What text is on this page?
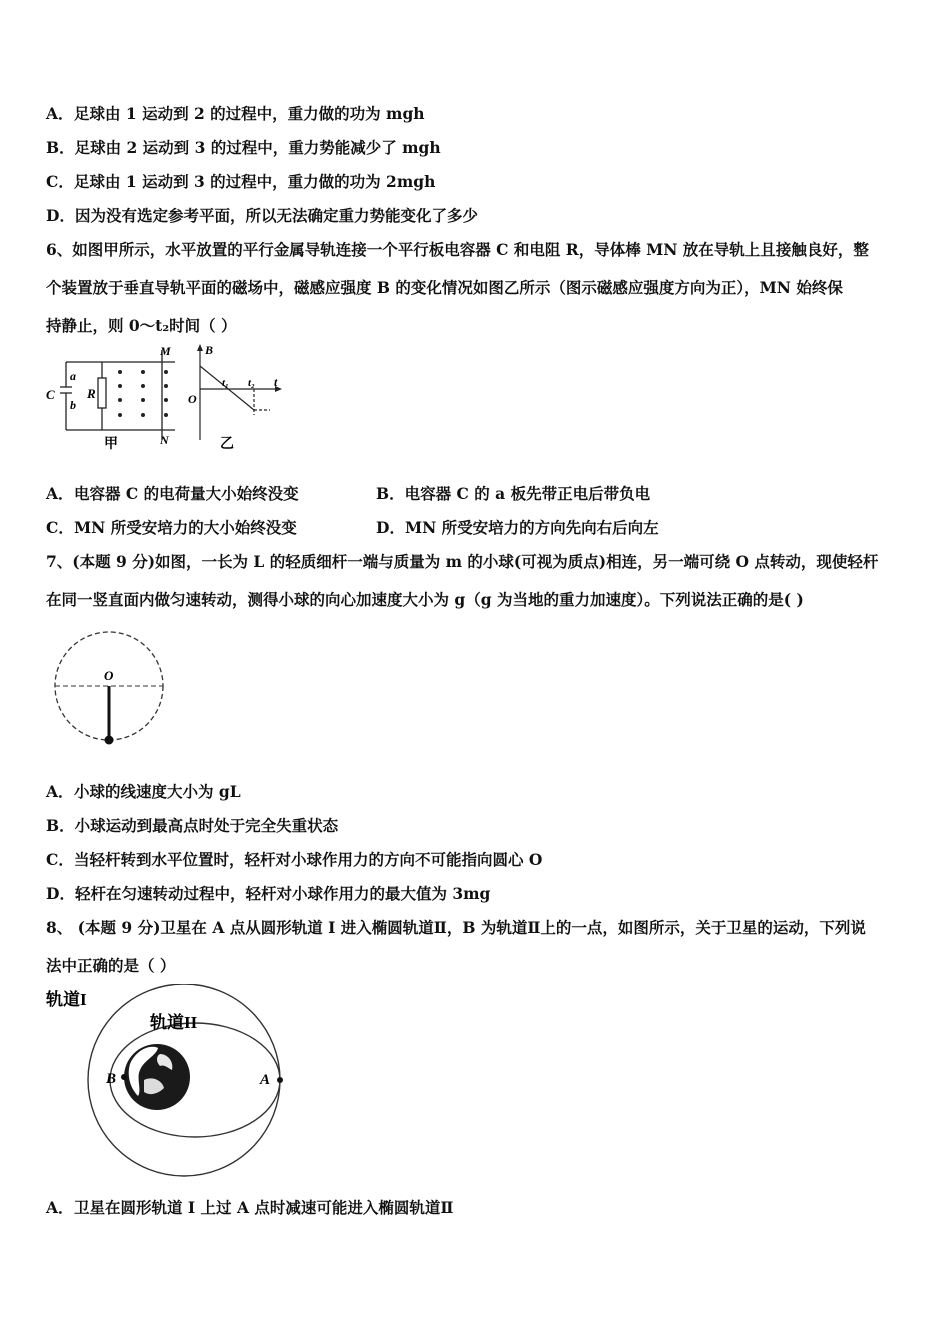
A．足球由 1 运动到 2 的过程中，重力做的功为 mgh
B．足球由 2 运动到 3 的过程中，重力势能减少了 mgh
C．足球由 1 运动到 3 的过程中，重力做的功为 2mgh
D．因为没有选定参考平面，所以无法确定重力势能变化了多少
6、如图甲所示，水平放置的平行金属导轨连接一个平行板电容器 C 和电阻 R，导体棒 MN 放在导轨上且接触良好，整
个装置放于垂直导轨平面的磁场中，磁感应强度 B 的变化情况如图乙所示（图示磁感应强度方向为正），MN 始终保
持静止，则 0～t₂时间（ ）
C
a
b
R
M
N
甲
B
O
t₁ t₂ t
乙
A．电容器 C 的电荷量大小始终没变	B．电容器 C 的 a 板先带正电后带负电
C．MN 所受安培力的大小始终没变	D．MN 所受安培力的方向先向右后向左
7、(本题 9 分)如图，一长为 L 的轻质细杆一端与质量为 m 的小球(可视为质点)相连，另一端可绕 O 点转动，现使轻杆
在同一竖直面内做匀速转动，测得小球的向心加速度大小为 g（g 为当地的重力加速度）。下列说法正确的是( )
O
A．小球的线速度大小为 gL
B．小球运动到最高点时处于完全失重状态
C．当轻杆转到水平位置时，轻杆对小球作用力的方向不可能指向圆心 O
D．轻杆在匀速转动过程中，轻杆对小球作用力的最大值为 3mg
8、 (本题 9 分)卫星在 A 点从圆形轨道 I 进入椭圆轨道Ⅱ，B 为轨道Ⅱ上的一点，如图所示，关于卫星的运动，下列说
法中正确的是（ ）
轨道I
轨道II
B	A
A．卫星在圆形轨道 I 上过 A 点时减速可能进入椭圆轨道Ⅱ
